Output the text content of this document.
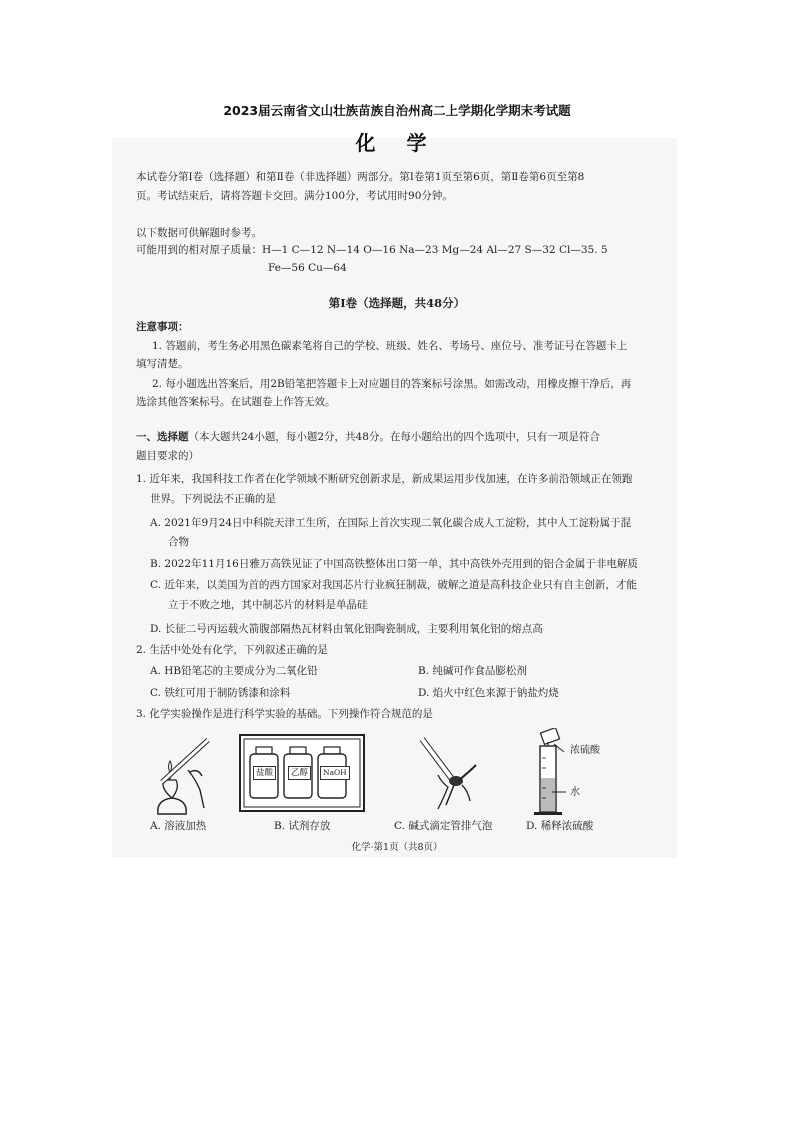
2023届云南省文山壮族苗族自治州高二上学期化学期末考试题
化 学
本试卷分第Ⅰ卷（选择题）和第Ⅱ卷（非选择题）两部分。第Ⅰ卷第1页至第6页，第Ⅱ卷第6页至第8
页。考试结束后，请将答题卡交回。满分100分，考试用时90分钟。
以下数据可供解题时参考。
可能用到的相对原子质量：H—1 C—12 N—14 O—16 Na—23 Mg—24 Al—27 S—32 Cl—35. 5
Fe—56 Cu—64
第Ⅰ卷（选择题，共48分）
注意事项：
1. 答题前，考生务必用黑色碳素笔将自己的学校、班级、姓名、考场号、座位号、准考证号在答题卡上
填写清楚。
2. 每小题选出答案后，用2B铅笔把答题卡上对应题目的答案标号涂黑。如需改动，用橡皮擦干净后，再
选涂其他答案标号。在试题卷上作答无效。
一、选择题（本大题共24小题，每小题2分，共48分。在每小题给出的四个选项中，只有一项是符合
题目要求的）
1. 近年来，我国科技工作者在化学领域不断研究创新求是，新成果运用步伐加速，在许多前沿领域正在领跑
世界。下列说法不正确的是
A. 2021年9月24日中科院天津工生所，在国际上首次实现二氧化碳合成人工淀粉，其中人工淀粉属于混
合物
B. 2022年11月16日雅万高铁见证了中国高铁整体出口第一单，其中高铁外壳用到的铝合金属于非电解质
C. 近年来，以美国为首的西方国家对我国芯片行业疯狂制裁，破解之道是高科技企业只有自主创新，才能
立于不败之地，其中制芯片的材料是单晶硅
D. 长征二号丙运载火箭腹部隔热瓦材料由氧化铝陶瓷制成，主要利用氧化铝的熔点高
2. 生活中处处有化学，下列叙述正确的是
A. HB铅笔芯的主要成分为二氧化铅	B. 纯碱可作食品膨松剂
C. 铁红可用于制防锈漆和涂料	D. 焰火中红色来源于钠盐灼烧
3. 化学实验操作是进行科学实验的基础。下列操作符合规范的是
盐酸	乙醇	NaOH
浓硫酸
水
A. 溶液加热	B. 试剂存放	C. 碱式滴定管排气泡	D. 稀释浓硫酸
化学·第1页（共8页）
